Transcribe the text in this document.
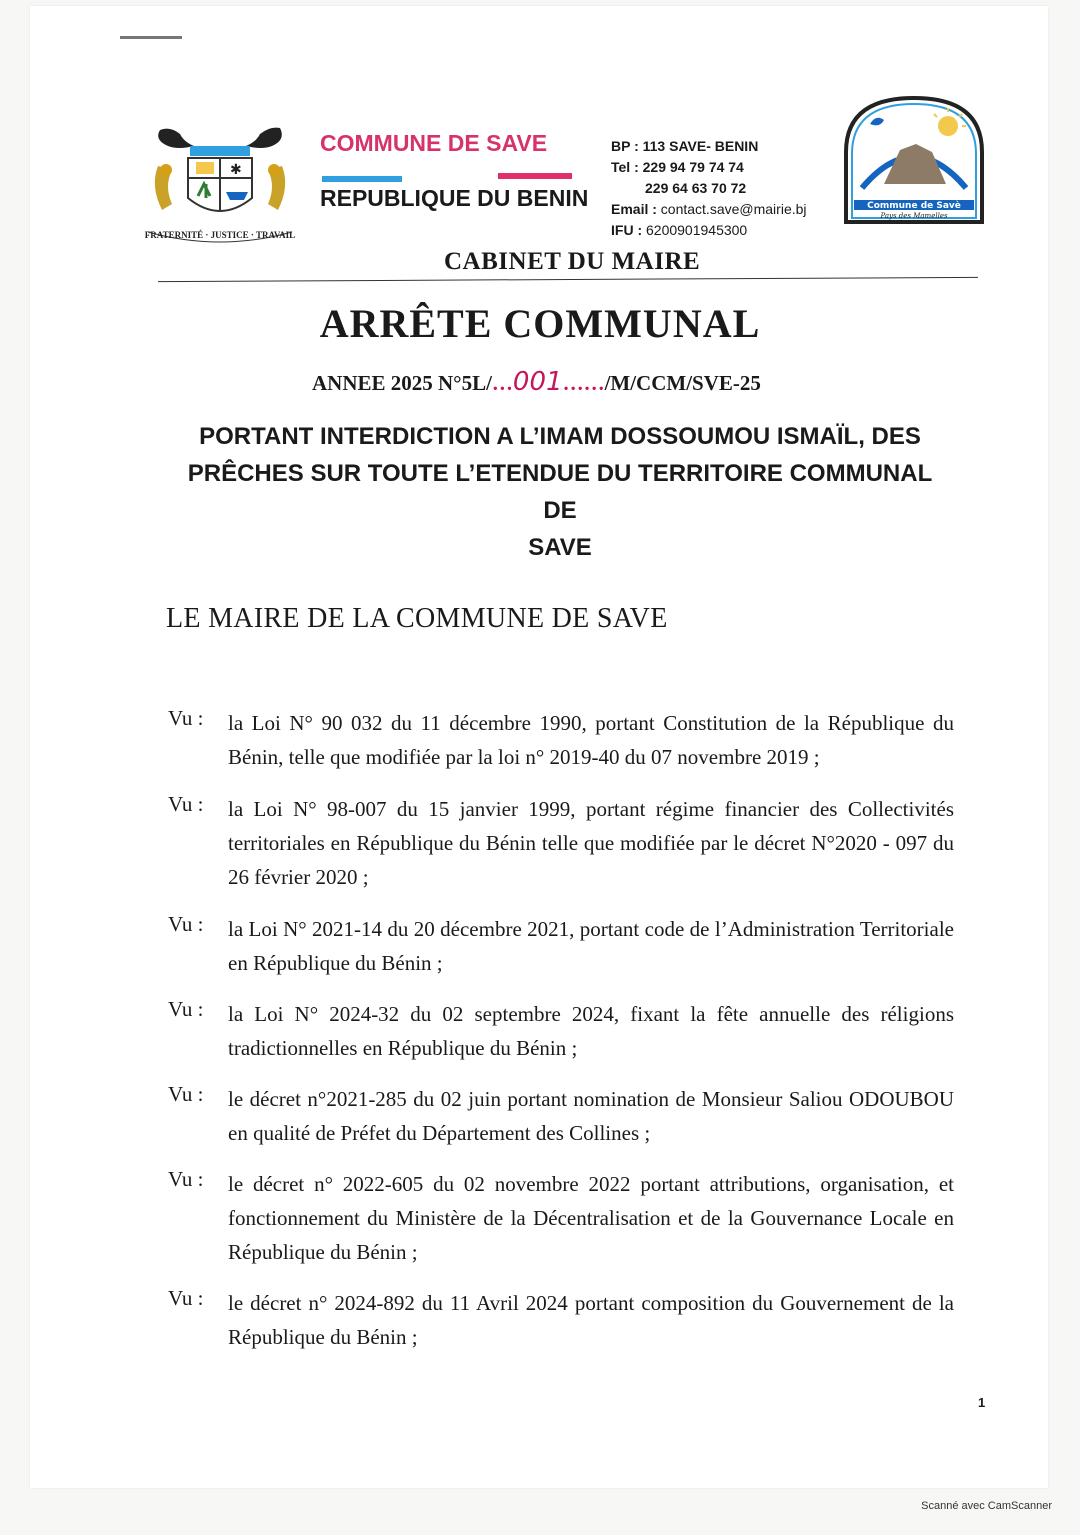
✱
FRATERNITÉ · JUSTICE · TRAVAIL
COMMUNE DE SAVE
REPUBLIQUE DU BENIN
BP : 113 SAVE- BENIN
Tel : 229 94 79 74 74
229 64 63 70 72
Email : contact.save@mairie.bj
IFU : 6200901945300
Commune de Savè
Pays des Mamelles
CABINET DU MAIRE
ARRÊTE COMMUNAL
ANNEE 2025 N°5L/…001……/M/CCM/SVE-25
PORTANT INTERDICTION A L’IMAM DOSSOUMOU ISMAÏL, DES
PRÊCHES SUR TOUTE L’ETENDUE DU TERRITOIRE COMMUNAL DE
SAVE
LE MAIRE DE LA COMMUNE DE SAVE
Vu : la Loi N° 90 032 du 11 décembre 1990, portant Constitution de la République du Bénin, telle que modifiée par la loi n° 2019-40 du 07 novembre 2019 ;
Vu : la Loi N° 98-007 du 15 janvier 1999, portant régime financier des Collectivités territoriales en République du Bénin telle que modifiée par le décret N°2020 - 097 du 26 février 2020 ;
Vu : la Loi N° 2021-14 du 20 décembre 2021, portant code de l’Administration Territoriale en République du Bénin ;
Vu : la Loi N° 2024-32 du 02 septembre 2024, fixant la fête annuelle des réligions tradictionnelles en République du Bénin ;
Vu : le décret n°2021-285 du 02 juin portant nomination de Monsieur Saliou ODOUBOU en qualité de Préfet du Département des Collines ;
Vu : le décret n° 2022-605 du 02 novembre 2022 portant attributions, organisation, et fonctionnement du Ministère de la Décentralisation et de la Gouvernance Locale en République du Bénin ;
Vu : le décret n° 2024-892 du 11 Avril 2024 portant composition du Gouvernement de la République du Bénin ;
1
Scanné avec CamScanner
